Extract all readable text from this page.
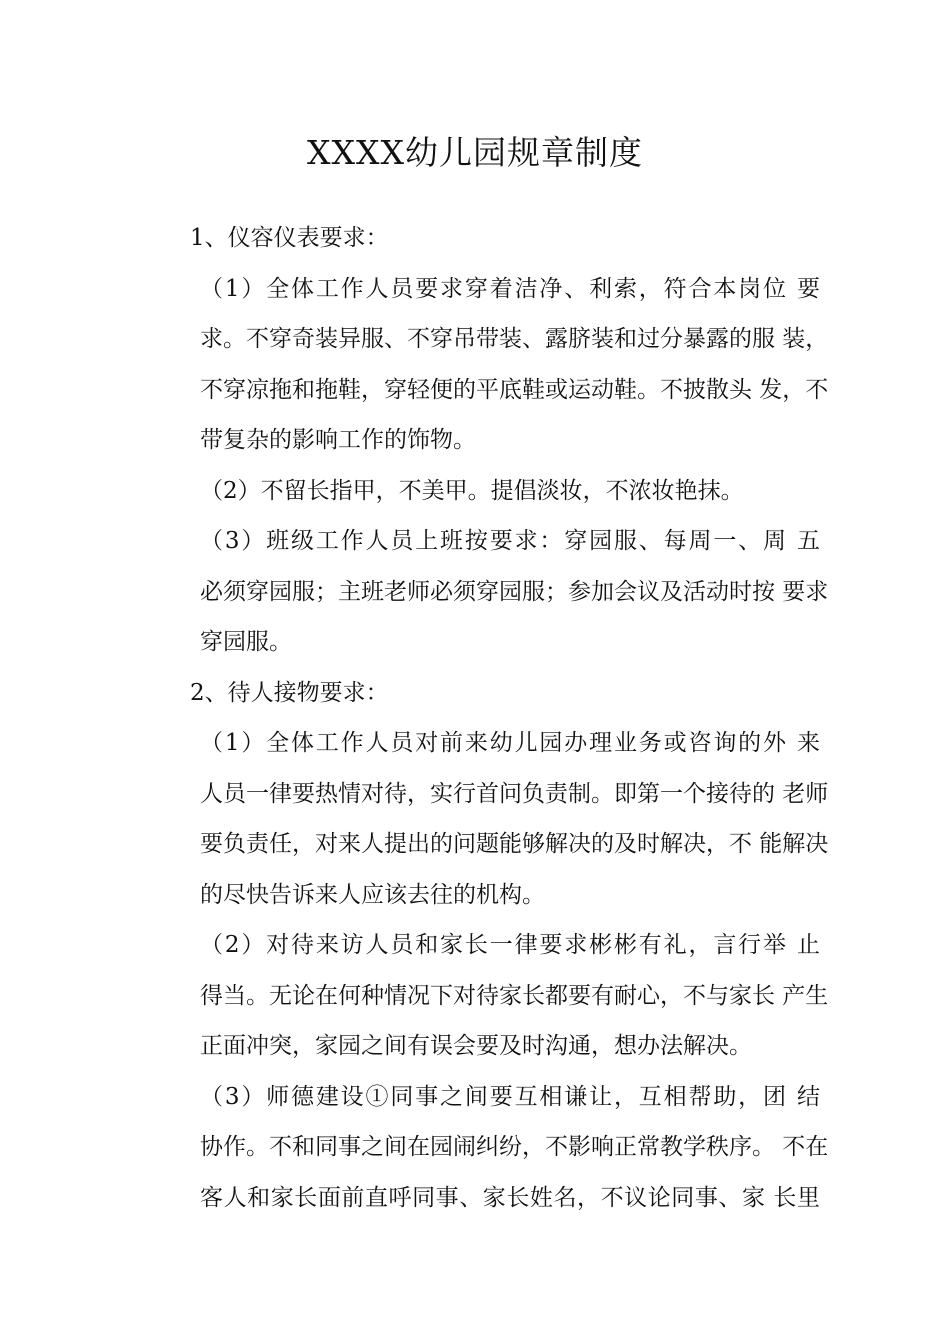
XXXX幼儿园规章制度

1、仪容仪表要求：

（1）全体工作人员要求穿着洁净、利索，符合本岗位 要
求。不穿奇装异服、不穿吊带装、露脐装和过分暴露的服 装，
不穿凉拖和拖鞋，穿轻便的平底鞋或运动鞋。不披散头 发，不
带复杂的影响工作的饰物。

（2）不留长指甲，不美甲。提倡淡妆，不浓妆艳抹。

（3）班级工作人员上班按要求：穿园服、每周一、周 五
必须穿园服；主班老师必须穿园服；参加会议及活动时按 要求
穿园服。

2、待人接物要求：

（1）全体工作人员对前来幼儿园办理业务或咨询的外 来
人员一律要热情对待，实行首问负责制。即第一个接待的 老师
要负责任，对来人提出的问题能够解决的及时解决，不 能解决
的尽快告诉来人应该去往的机构。

（2）对待来访人员和家长一律要求彬彬有礼，言行举 止
得当。无论在何种情况下对待家长都要有耐心，不与家长 产生
正面冲突，家园之间有误会要及时沟通，想办法解决。

（3）师德建设①同事之间要互相谦让，互相帮助，团 结
协作。不和同事之间在园闹纠纷，不影响正常教学秩序。 不在
客人和家长面前直呼同事、家长姓名，不议论同事、家 长里
